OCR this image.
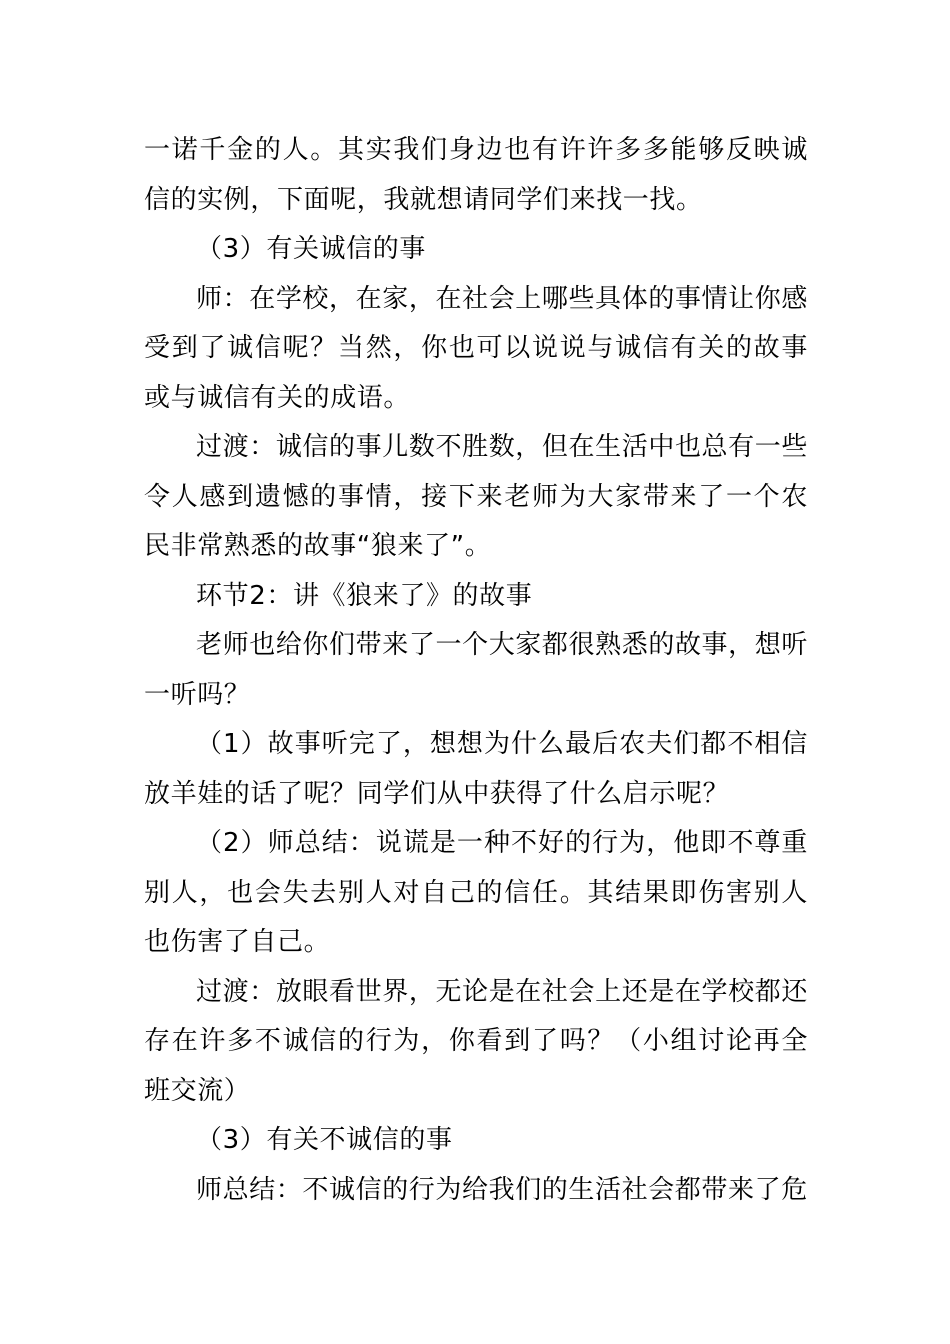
一诺千金的人。其实我们身边也有许许多多能够反映诚信的实例，下面呢，我就想请同学们来找一找。

（3）有关诚信的事

师：在学校，在家，在社会上哪些具体的事情让你感受到了诚信呢？当然，你也可以说说与诚信有关的故事或与诚信有关的成语。

过渡：诚信的事儿数不胜数，但在生活中也总有一些令人感到遗憾的事情，接下来老师为大家带来了一个农民非常熟悉的故事“狼来了”。

环节2：讲《狼来了》的故事

老师也给你们带来了一个大家都很熟悉的故事，想听一听吗？

（1）故事听完了，想想为什么最后农夫们都不相信放羊娃的话了呢？同学们从中获得了什么启示呢？

（2）师总结：说谎是一种不好的行为，他即不尊重别人，也会失去别人对自己的信任。其结果即伤害别人也伤害了自己。

过渡：放眼看世界，无论是在社会上还是在学校都还存在许多不诚信的行为，你看到了吗？（小组讨论再全班交流）

（3）有关不诚信的事

师总结：不诚信的行为给我们的生活社会都带来了危
